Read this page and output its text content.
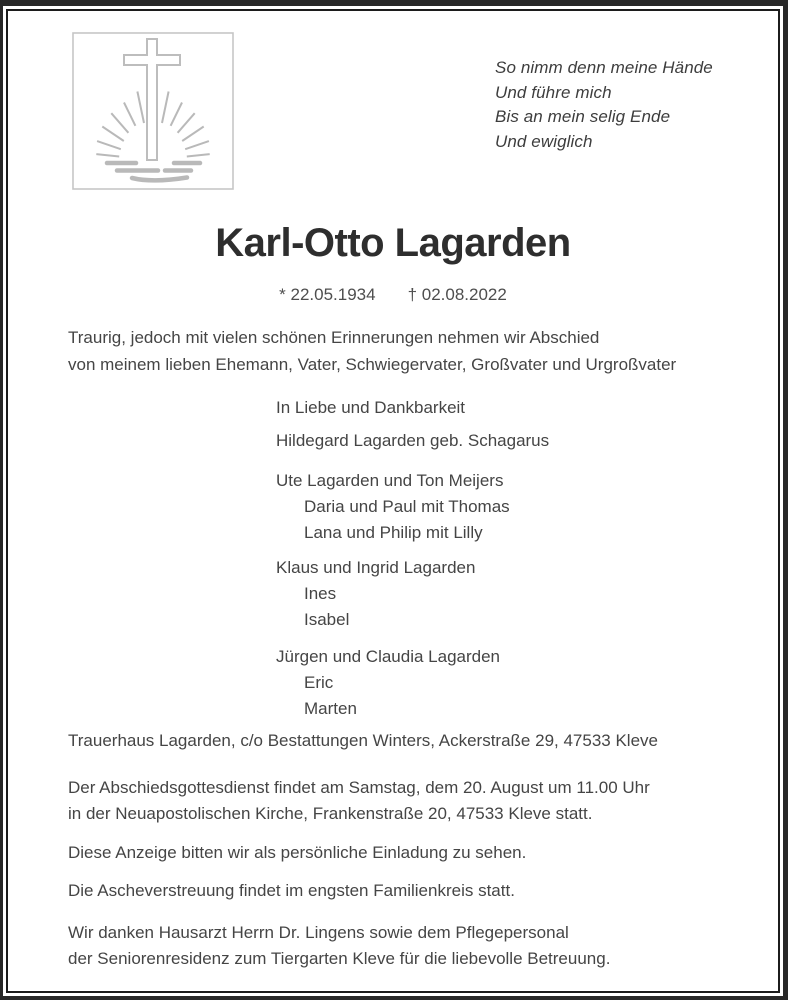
So nimm denn meine Hände
Und führe mich
Bis an mein selig Ende
Und ewiglich
Karl-Otto Lagarden
* 22.05.1934 † 02.08.2022
Traurig, jedoch mit vielen schönen Erinnerungen nehmen wir Abschied
von meinem lieben Ehemann, Vater, Schwiegervater, Großvater und Urgroßvater
In Liebe und Dankbarkeit
Hildegard Lagarden geb. Schagarus
Ute Lagarden und Ton Meijers
Daria und Paul mit Thomas
Lana und Philip mit Lilly
Klaus und Ingrid Lagarden
Ines
Isabel
Jürgen und Claudia Lagarden
Eric
Marten
Trauerhaus Lagarden, c/o Bestattungen Winters, Ackerstraße 29, 47533 Kleve
Der Abschiedsgottesdienst findet am Samstag, dem 20. August um 11.00 Uhr
in der Neuapostolischen Kirche, Frankenstraße 20, 47533 Kleve statt.
Diese Anzeige bitten wir als persönliche Einladung zu sehen.
Die Ascheverstreuung findet im engsten Familienkreis statt.
Wir danken Hausarzt Herrn Dr. Lingens sowie dem Pflegepersonal
der Seniorenresidenz zum Tiergarten Kleve für die liebevolle Betreuung.
